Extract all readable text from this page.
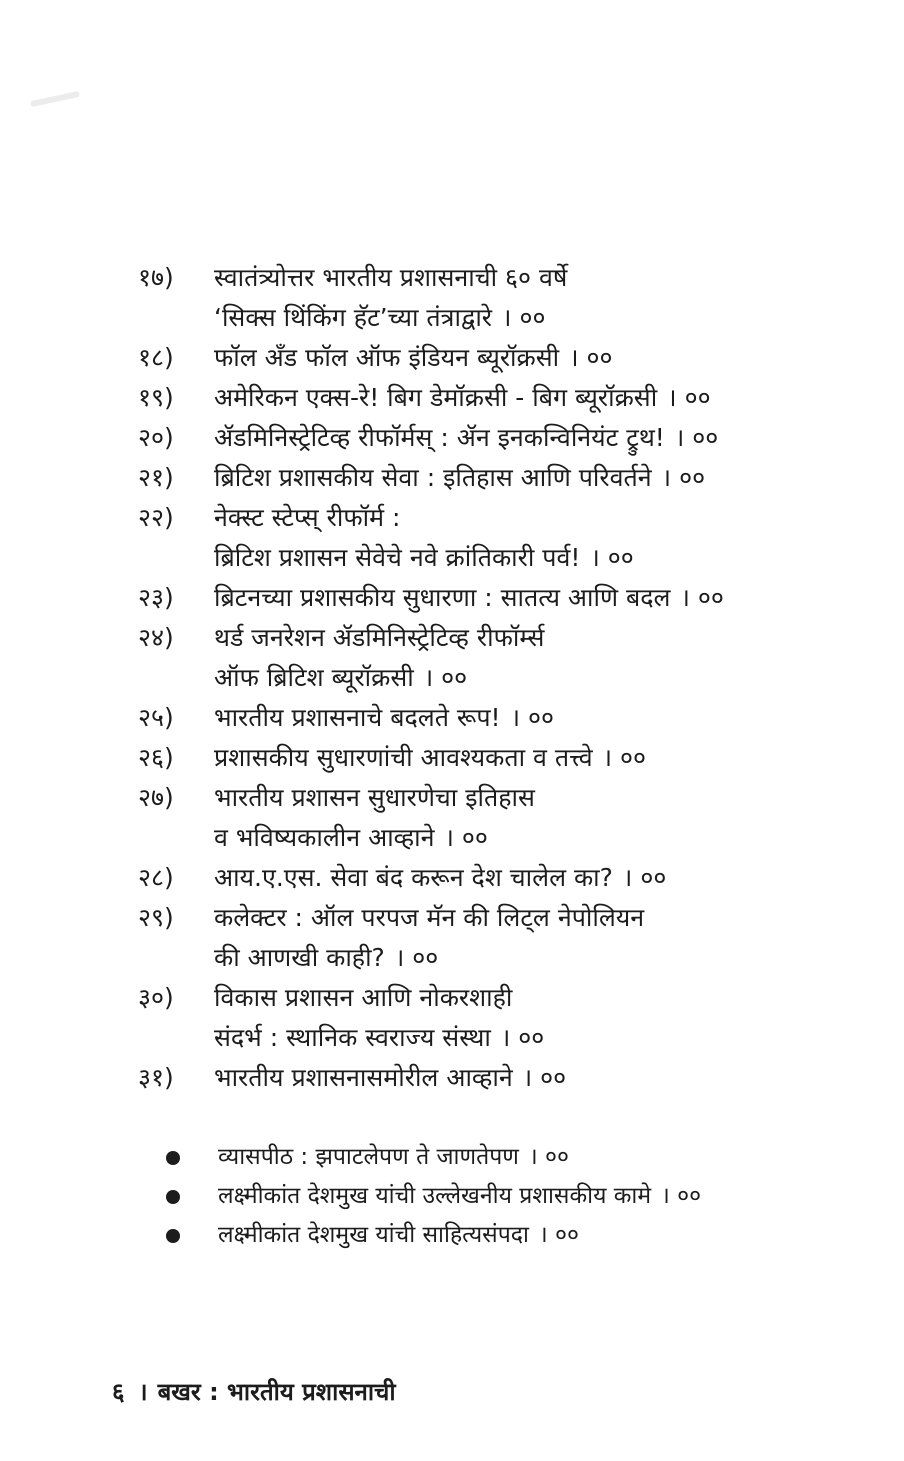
१७)	स्वातंत्र्योत्तर भारतीय प्रशासनाची ६० वर्षे
‘सिक्स थिंकिंग हॅट’च्या तंत्राद्वारे । ००
१८)	फॉल अँड फॉल ऑफ इंडियन ब्यूरॉक्रसी । ००
१९)	अमेरिकन एक्स-रे! बिग डेमॉक्रसी - बिग ब्यूरॉक्रसी । ००
२०)	ॲडमिनिस्ट्रेटिव्ह रीफॉर्मस् : ॲन इनकन्विनियंट ट्रुथ! । ००
२१)	ब्रिटिश प्रशासकीय सेवा : इतिहास आणि परिवर्तने । ००
२२)	नेक्स्ट स्टेप्स् रीफॉर्म :
ब्रिटिश प्रशासन सेवेचे नवे क्रांतिकारी पर्व! । ००
२३)	ब्रिटनच्या प्रशासकीय सुधारणा : सातत्य आणि बदल । ००
२४)	थर्ड जनरेशन ॲडमिनिस्ट्रेटिव्ह रीफॉर्म्स
ऑफ ब्रिटिश ब्यूरॉक्रसी । ००
२५)	भारतीय प्रशासनाचे बदलते रूप! । ००
२६)	प्रशासकीय सुधारणांची आवश्यकता व तत्त्वे । ००
२७)	भारतीय प्रशासन सुधारणेचा इतिहास
व भविष्यकालीन आव्हाने । ००
२८)	आय.ए.एस. सेवा बंद करून देश चालेल का? । ००
२९)	कलेक्टर : ऑल परपज मॅन की लिट्ल नेपोलियन
की आणखी काही? । ००
३०)	विकास प्रशासन आणि नोकरशाही
संदर्भ : स्थानिक स्वराज्य संस्था । ००
३१)	भारतीय प्रशासनासमोरील आव्हाने । ००
व्यासपीठ : झपाटलेपण ते जाणतेपण । ००
लक्ष्मीकांत देशमुख यांची उल्लेखनीय प्रशासकीय कामे । ००
लक्ष्मीकांत देशमुख यांची साहित्यसंपदा । ००
६ । बखर : भारतीय प्रशासनाची
